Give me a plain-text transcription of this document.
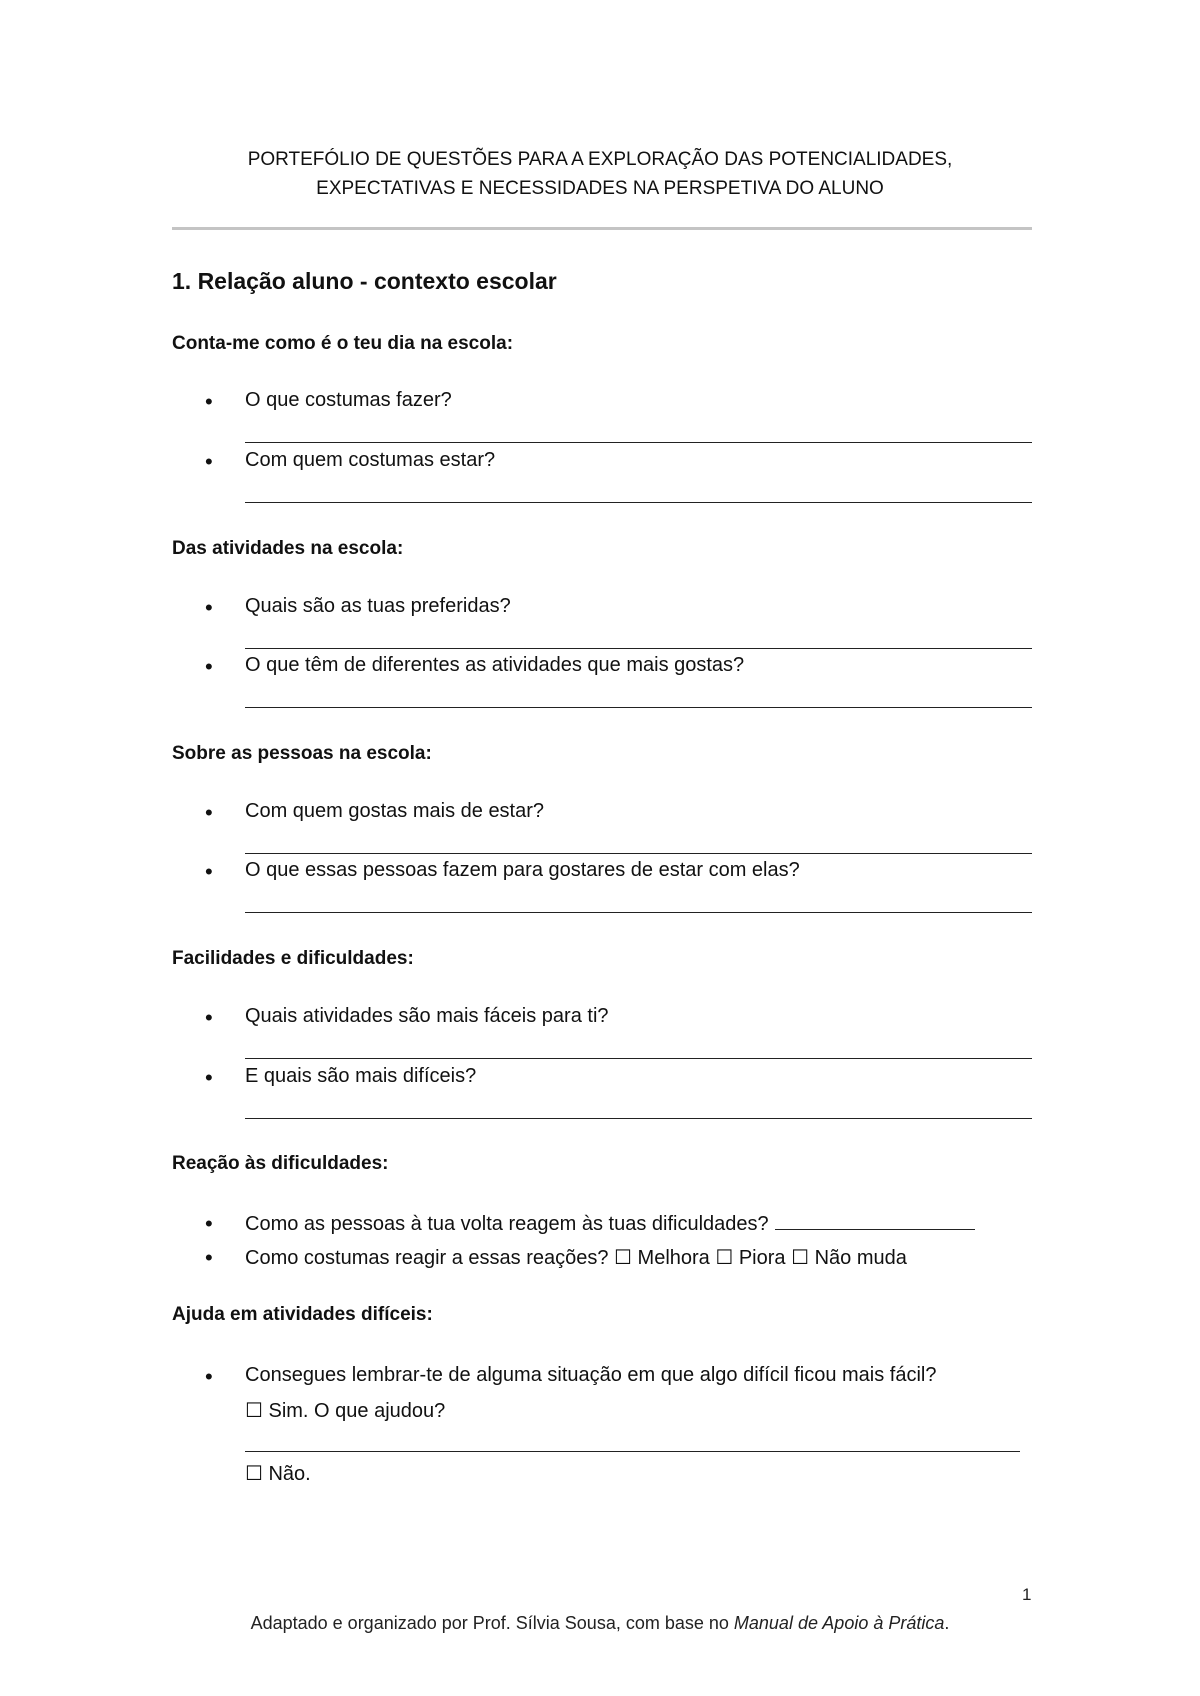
PORTEFÓLIO DE QUESTÕES PARA A EXPLORAÇÃO DAS POTENCIALIDADES,
EXPECTATIVAS E NECESSIDADES NA PERSPETIVA DO ALUNO
1. Relação aluno - contexto escolar
Conta-me como é o teu dia na escola:
• O que costumas fazer?
• Com quem costumas estar?
Das atividades na escola:
• Quais são as tuas preferidas?
• O que têm de diferentes as atividades que mais gostas?
Sobre as pessoas na escola:
• Com quem gostas mais de estar?
• O que essas pessoas fazem para gostares de estar com elas?
Facilidades e dificuldades:
• Quais atividades são mais fáceis para ti?
• E quais são mais difíceis?
Reação às dificuldades:
• Como as pessoas à tua volta reagem às tuas dificuldades?
• Como costumas reagir a essas reações? ☐ Melhora ☐ Piora ☐ Não muda
Ajuda em atividades difíceis:
• Consegues lembrar-te de alguma situação em que algo difícil ficou mais fácil?
☐ Sim. O que ajudou?
☐ Não.
1
Adaptado e organizado por Prof. Sílvia Sousa, com base no Manual de Apoio à Prática.
